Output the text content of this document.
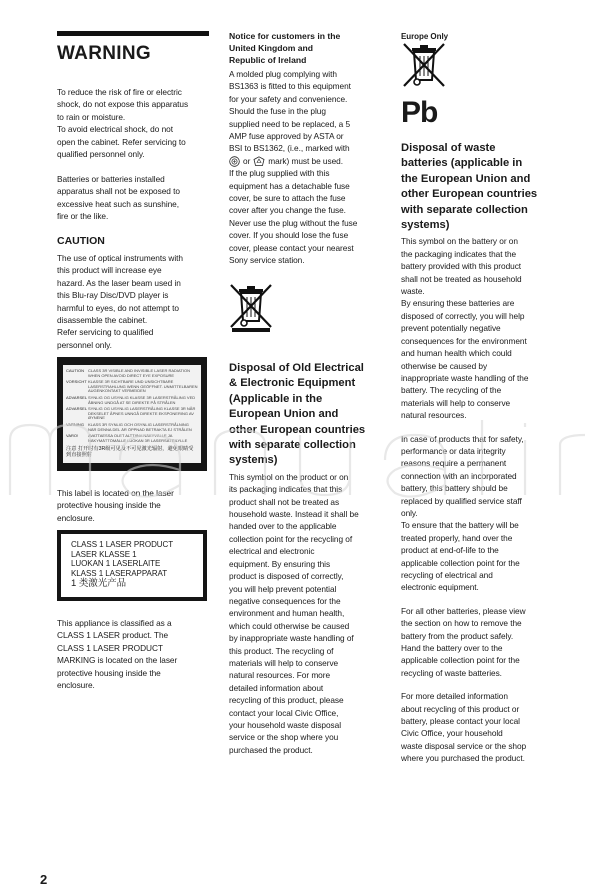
WARNING

To reduce the risk of fire or electric

shock, do not expose this apparatus

to rain or moisture.

To avoid electrical shock, do not

open the cabinet. Refer servicing to

qualified personnel only.

Batteries or batteries installed

apparatus shall not be exposed to

excessive heat such as sunshine,

fire or the like.

CAUTION

The use of optical instruments with

this product will increase eye

hazard. As the laser beam used in

this Blu-ray Disc/DVD player is

harmful to eyes, do not attempt to

disassemble the cabinet.

Refer servicing to qualified

personnel only.

CAUTION	CLASS 3R VISIBLE AND INVISIBLE LASER RADIATION WHEN OPEN AVOID DIRECT EYE EXPOSURE
VORSICHT KLASSE 3R SICHTBARE UND UNSICHTBARE LASERSTRAHLUNG WENN GEÖFFNET. UNMITTELBAREN AUGENKONTAKT VERMEIDEN
ADVARSEL SYNLIG OG USYNLIG KLASSE 3R LASERSTRÅLING VED ÅBNING UNDGÅ AT SE DIREKTE PÅ STRÅLEN
ADVARSEL SYNLIG OG USYNLIG LASERSTRÅLING KLASSE 3R NÅR DEKSELET ÅPNES UNNGÅ DIREKTE EKSPONERING AV ØYNENE
VARNING	KLASS 3R SYNLIG OCH OSYNLIG LASERSTRÅLNING NÄR DENNA DEL ÄR ÖPPNAD BETRAKTA EJ STRÅLEN
VARO!	AVATTAESSA OLET ALTTIINA NÄKYVÄLLE JA NÄKYMÄTTÖMÄLLE LUOKAN 3R LASERSÄTEILYLLE
注意 打开时有3R级可见及不可见激光辐射，避免眼睛受到直接照射

This label is located on the laser

protective housing inside the

enclosure.

CLASS 1 LASER PRODUCT

LASER KLASSE 1

LUOKAN 1 LASERLAITE

KLASS 1 LASERAPPARAT

1 类激光产品

This appliance is classified as a

CLASS 1 LASER product. The

CLASS 1 LASER PRODUCT

MARKING is located on the laser

protective housing inside the

enclosure.

Notice for customers in the
United Kingdom and
Republic of Ireland

A molded plug complying with

BS1363 is fitted to this equipment

for your safety and convenience.

Should the fuse in the plug

supplied need to be replaced, a 5

AMP fuse approved by ASTA or

BSI to BS1362, (i.e., marked with

or mark) must be used.

If the plug supplied with this

equipment has a detachable fuse

cover, be sure to attach the fuse

cover after you change the fuse.

Never use the plug without the fuse

cover. If you should lose the fuse

cover, please contact your nearest

Sony service station.

Disposal of Old Electrical
& Electronic Equipment
(Applicable in the
European Union and
other European countries
with separate collection
systems)

This symbol on the product or on

its packaging indicates that this

product shall not be treated as

household waste. Instead it shall be

handed over to the applicable

collection point for the recycling of

electrical and electronic

equipment. By ensuring this

product is disposed of correctly,

you will help prevent potential

negative consequences for the

environment and human health,

which could otherwise be caused

by inappropriate waste handling of

this product. The recycling of

materials will help to conserve

natural resources. For more

detailed information about

recycling of this product, please

contact your local Civic Office,

your household waste disposal

service or the shop where you

purchased the product.

Europe Only

Pb

Disposal of waste
batteries (applicable in
the European Union and
other European countries
with separate collection
systems)

This symbol on the battery or on

the packaging indicates that the

battery provided with this product

shall not be treated as household

waste.

By ensuring these batteries are

disposed of correctly, you will help

prevent potentially negative

consequences for the environment

and human health which could

otherwise be caused by

inappropriate waste handling of the

battery. The recycling of the

materials will help to conserve

natural resources.

In case of products that for safety,

performance or data integrity

reasons require a permanent

connection with an incorporated

battery, this battery should be

replaced by qualified service staff

only.

To ensure that the battery will be

treated properly, hand over the

product at end-of-life to the

applicable collection point for the

recycling of electrical and

electronic equipment.

For all other batteries, please view

the section on how to remove the

battery from the product safely.

Hand the battery over to the

applicable collection point for the

recycling of waste batteries.

For more detailed information

about recycling of this product or

battery, please contact your local

Civic Office, your household

waste disposal service or the shop

where you purchased the product.

2
